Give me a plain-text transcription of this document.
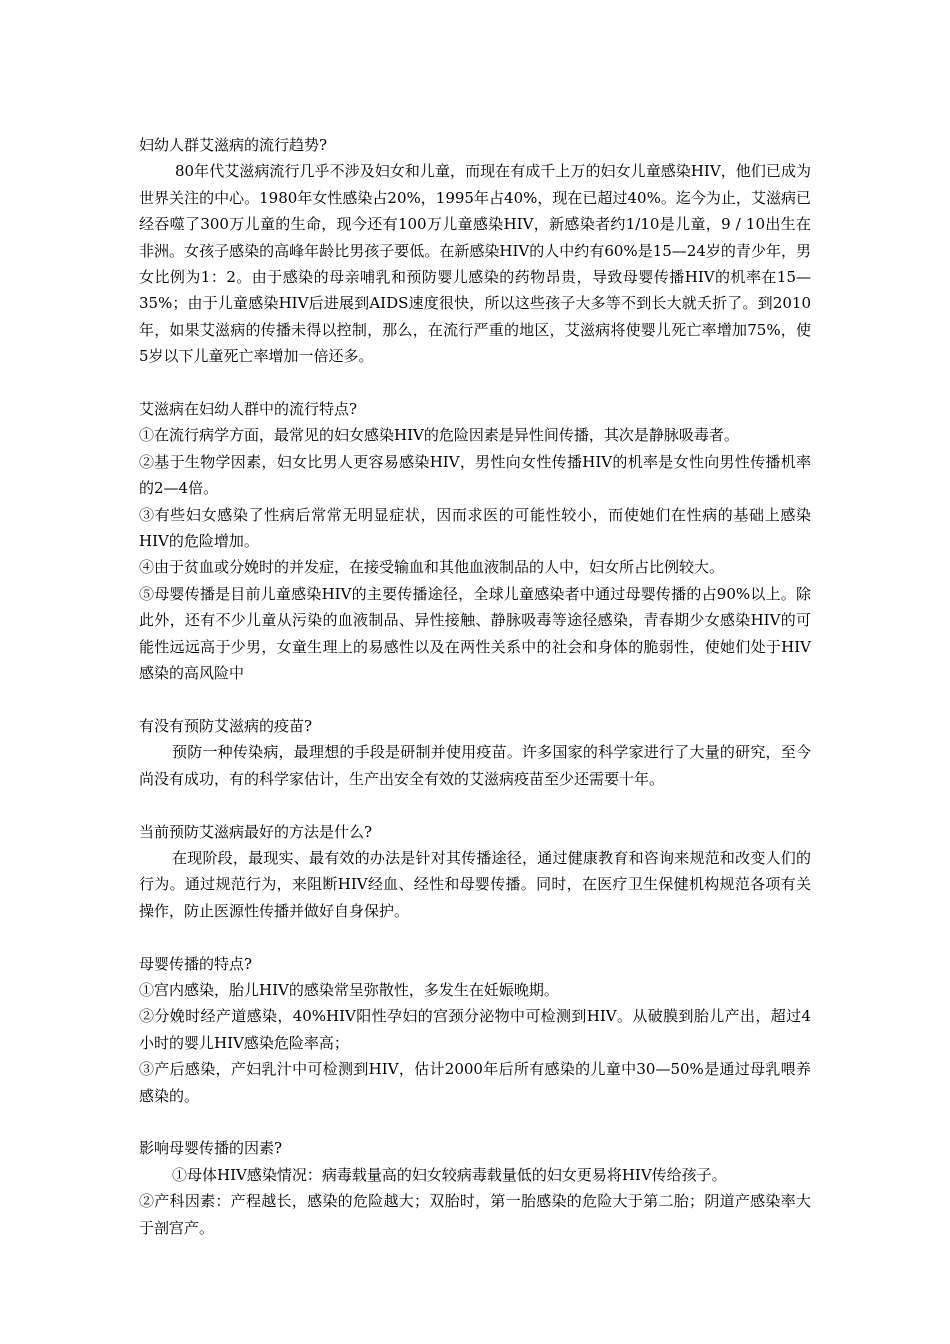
妇幼人群艾滋病的流行趋势?

80年代艾滋病流行几乎不涉及妇女和儿童，而现在有成千上万的妇女儿童感染HIV，他们已成为世界关注的中心。1980年女性感染占20%，1995年占40%，现在已超过40%。迄今为止，艾滋病已经吞噬了300万儿童的生命，现今还有100万儿童感染HIV，新感染者约1/10是儿童，9 / 10出生在非洲。女孩子感染的高峰年龄比男孩子要低。在新感染HIV的人中约有60%是15—24岁的青少年，男女比例为1：2。由于感染的母亲哺乳和预防婴儿感染的药物昂贵，导致母婴传播HIV的机率在15—35%；由于儿童感染HIV后进展到AIDS速度很快，所以这些孩子大多等不到长大就夭折了。到2010年，如果艾滋病的传播未得以控制，那么，在流行严重的地区，艾滋病将使婴儿死亡率增加75%，使5岁以下儿童死亡率增加一倍还多。

艾滋病在妇幼人群中的流行特点?

①在流行病学方面，最常见的妇女感染HIV的危险因素是异性间传播，其次是静脉吸毒者。

②基于生物学因素，妇女比男人更容易感染HIV，男性向女性传播HIV的机率是女性向男性传播机率的2—4倍。

③有些妇女感染了性病后常常无明显症状，因而求医的可能性较小，而使她们在性病的基础上感染HIV的危险增加。

④由于贫血或分娩时的并发症，在接受输血和其他血液制品的人中，妇女所占比例较大。

⑤母婴传播是目前儿童感染HIV的主要传播途径，全球儿童感染者中通过母婴传播的占90%以上。除此外，还有不少儿童从污染的血液制品、异性接触、静脉吸毒等途径感染，青春期少女感染HIV的可能性远远高于少男，女童生理上的易感性以及在两性关系中的社会和身体的脆弱性，使她们处于HIV感染的高风险中

有没有预防艾滋病的疫苗?

预防一种传染病，最理想的手段是研制并使用疫苗。许多国家的科学家进行了大量的研究，至今尚没有成功，有的科学家估计，生产出安全有效的艾滋病疫苗至少还需要十年。

当前预防艾滋病最好的方法是什么?

在现阶段，最现实、最有效的办法是针对其传播途径，通过健康教育和咨询来规范和改变人们的行为。通过规范行为，来阻断HIV经血、经性和母婴传播。同时，在医疗卫生保健机构规范各项有关操作，防止医源性传播并做好自身保护。

母婴传播的特点?

①宫内感染，胎儿HIV的感染常呈弥散性，多发生在妊娠晚期。

②分娩时经产道感染，40%HIV阳性孕妇的宫颈分泌物中可检测到HIV。从破膜到胎儿产出，超过4小时的婴儿HIV感染危险率高；

③产后感染，产妇乳汁中可检测到HIV，估计2000年后所有感染的儿童中30—50%是通过母乳喂养感染的。

影响母婴传播的因素?

①母体HIV感染情况：病毒载量高的妇女较病毒载量低的妇女更易将HIV传给孩子。

②产科因素：产程越长，感染的危险越大；双胎时，第一胎感染的危险大于第二胎；阴道产感染率大于剖宫产。
